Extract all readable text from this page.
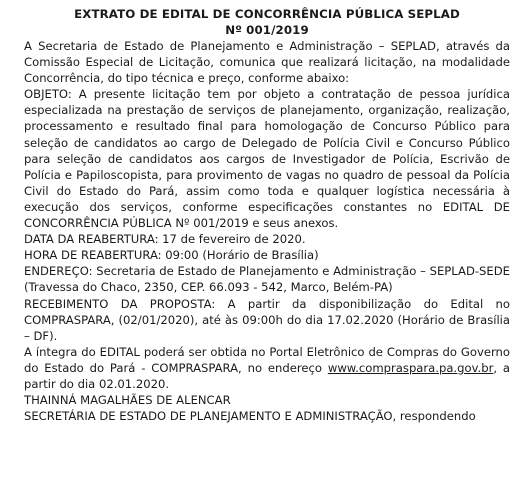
EXTRATO DE EDITAL DE CONCORRÊNCIA PÚBLICA SEPLAD
Nº 001/2019

A Secretaria de Estado de Planejamento e Administração – SEPLAD, através da Comissão Especial de Licitação, comunica que realizará licitação, na modalidade Concorrência, do tipo técnica e preço, conforme abaixo:

OBJETO: A presente licitação tem por objeto a contratação de pessoa jurídica especializada na prestação de serviços de planejamento, organização, realização, processamento e resultado final para homologação de Concurso Público para seleção de candidatos ao cargo de Delegado de Polícia Civil e Concurso Público para seleção de candidatos aos cargos de Investigador de Polícia, Escrivão de Polícia e Papiloscopista, para provimento de vagas no quadro de pessoal da Polícia Civil do Estado do Pará, assim como toda e qualquer logística necessária à execução dos serviços, conforme especificações constantes no EDITAL DE CONCORRÊNCIA PÚBLICA Nº 001/2019 e seus anexos.

DATA DA REABERTURA: 17 de fevereiro de 2020.

HORA DE REABERTURA: 09:00 (Horário de Brasília)

ENDEREÇO: Secretaria de Estado de Planejamento e Administração – SEPLAD-SEDE (Travessa do Chaco, 2350, CEP. 66.093 - 542, Marco, Belém-PA)

RECEBIMENTO DA PROPOSTA: A partir da disponibilização do Edital no COMPRASPARA, (02/01/2020), até às 09:00h do dia 17.02.2020 (Horário de Brasília – DF).

A íntegra do EDITAL poderá ser obtida no Portal Eletrônico de Compras do Governo do Estado do Pará - COMPRASPARA, no endereço www.compraspara.pa.gov.br, a partir do dia 02.01.2020.

THAINNÁ MAGALHÃES DE ALENCAR

SECRETÁRIA DE ESTADO DE PLANEJAMENTO E ADMINISTRAÇÃO, respondendo
